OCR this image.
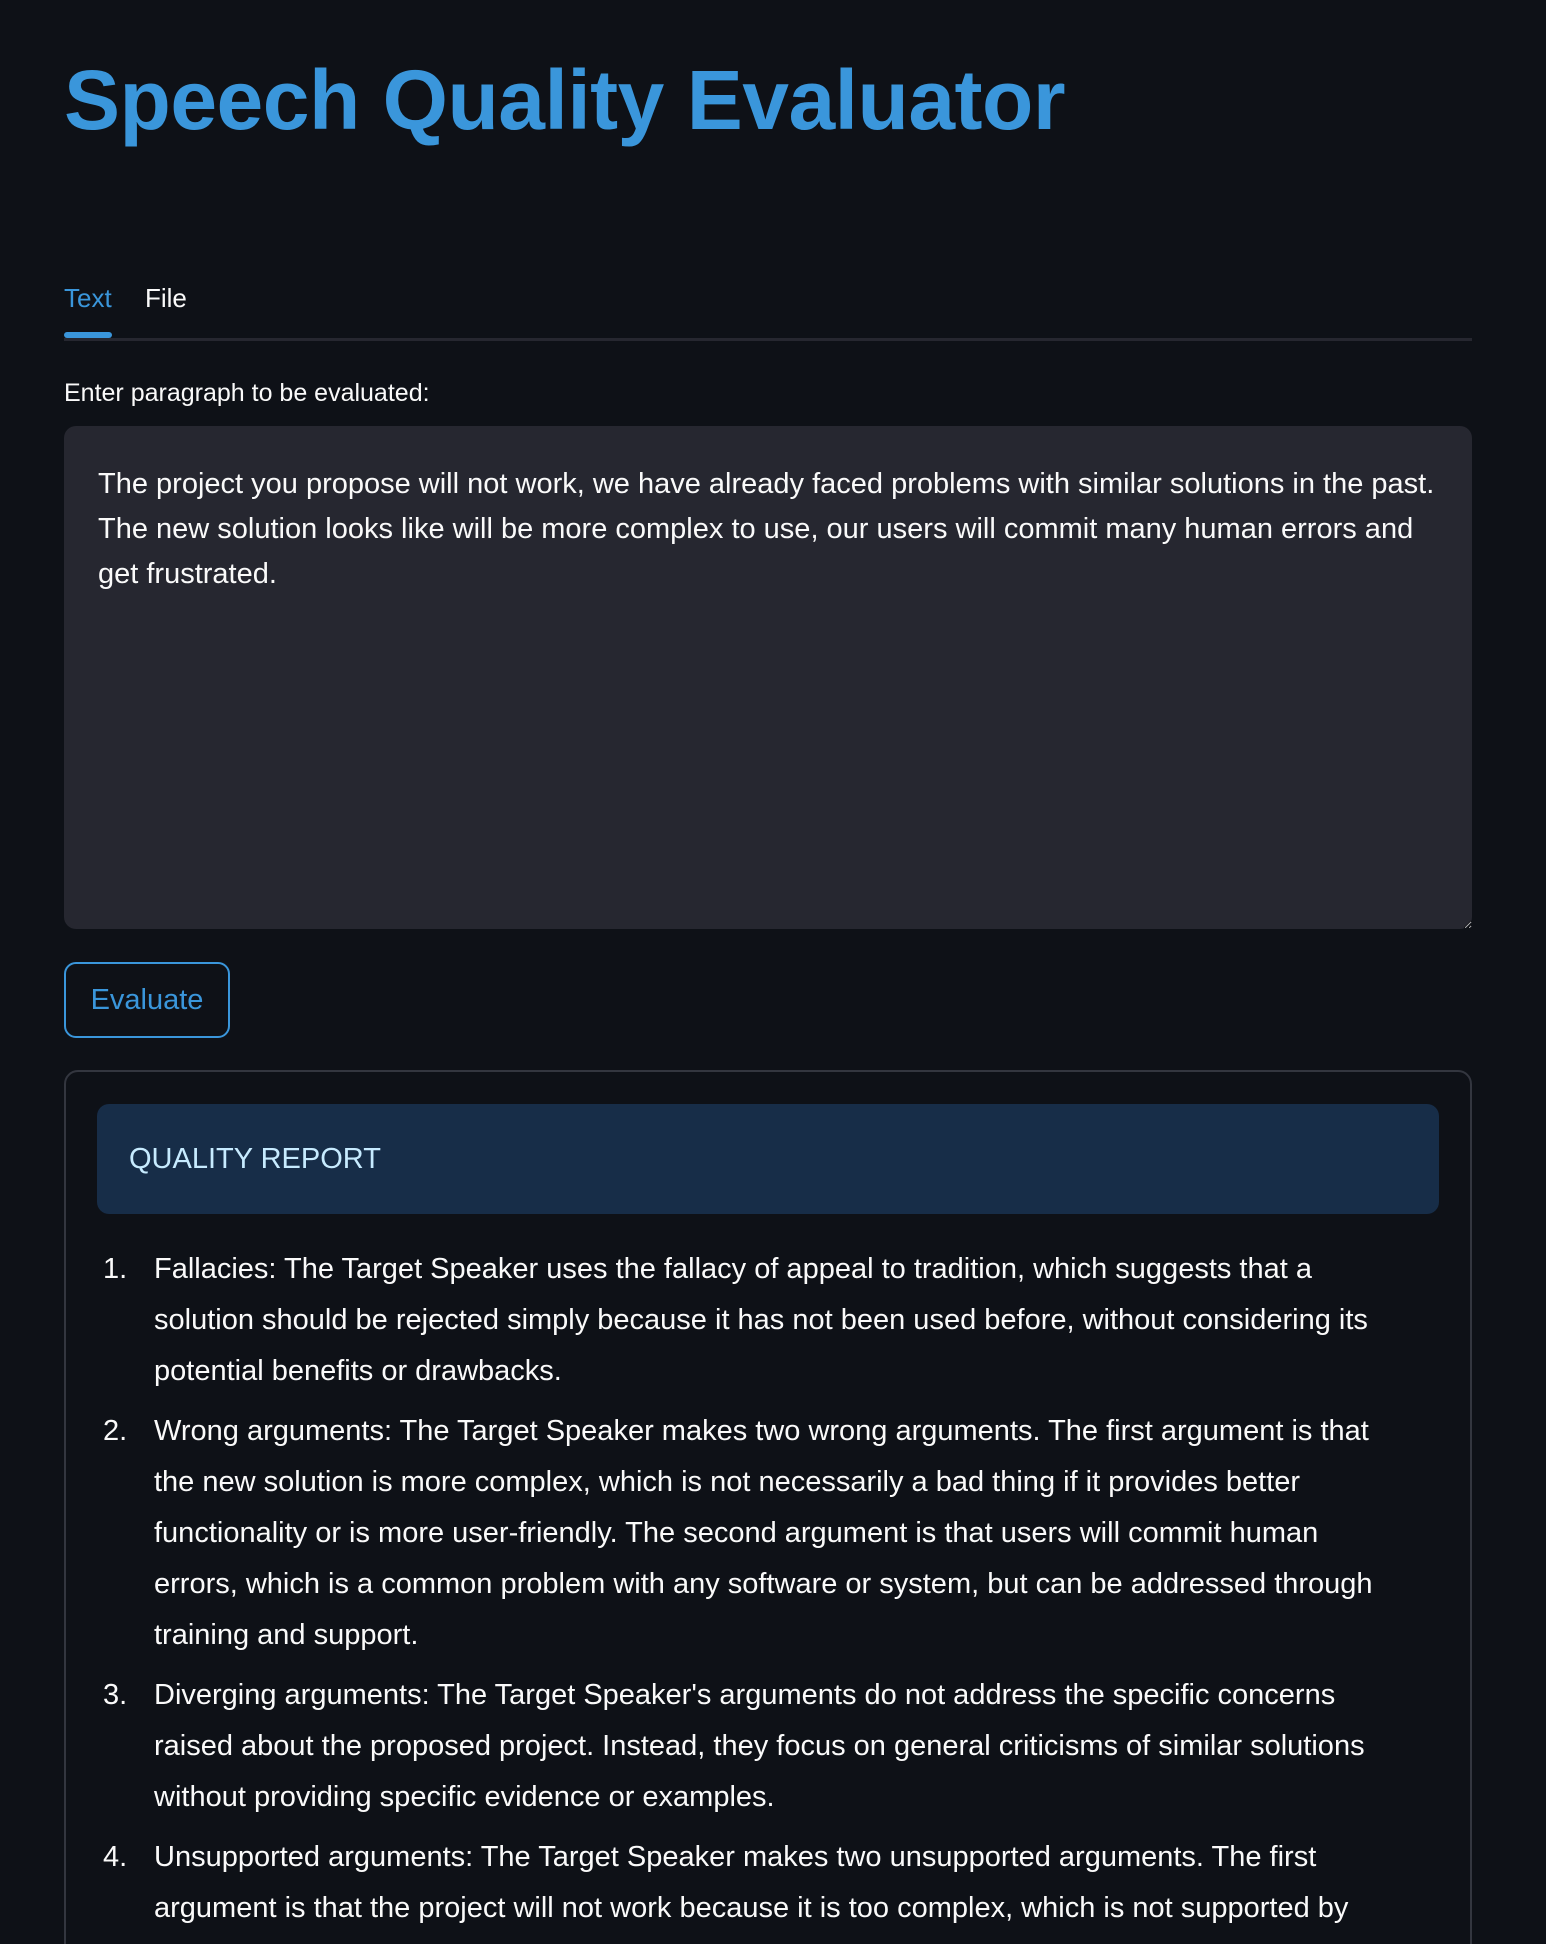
Speech Quality Evaluator
Text File
Enter paragraph to be evaluated:
The project you propose will not work, we have already faced problems with similar solutions in the past. The new solution looks like will be more complex to use, our users will commit many human errors and get frustrated.
Evaluate
QUALITY REPORT
1. Fallacies: The Target Speaker uses the fallacy of appeal to tradition, which suggests that a solution should be rejected simply because it has not been used before, without considering its potential benefits or drawbacks.
2. Wrong arguments: The Target Speaker makes two wrong arguments. The first argument is that the new solution is more complex, which is not necessarily a bad thing if it provides better functionality or is more user-friendly. The second argument is that users will commit human errors, which is a common problem with any software or system, but can be addressed through training and support.
3. Diverging arguments: The Target Speaker's arguments do not address the specific concerns raised about the proposed project. Instead, they focus on general criticisms of similar solutions without providing specific evidence or examples.
4. Unsupported arguments: The Target Speaker makes two unsupported arguments. The first argument is that the project will not work because it is too complex, which is not supported by
